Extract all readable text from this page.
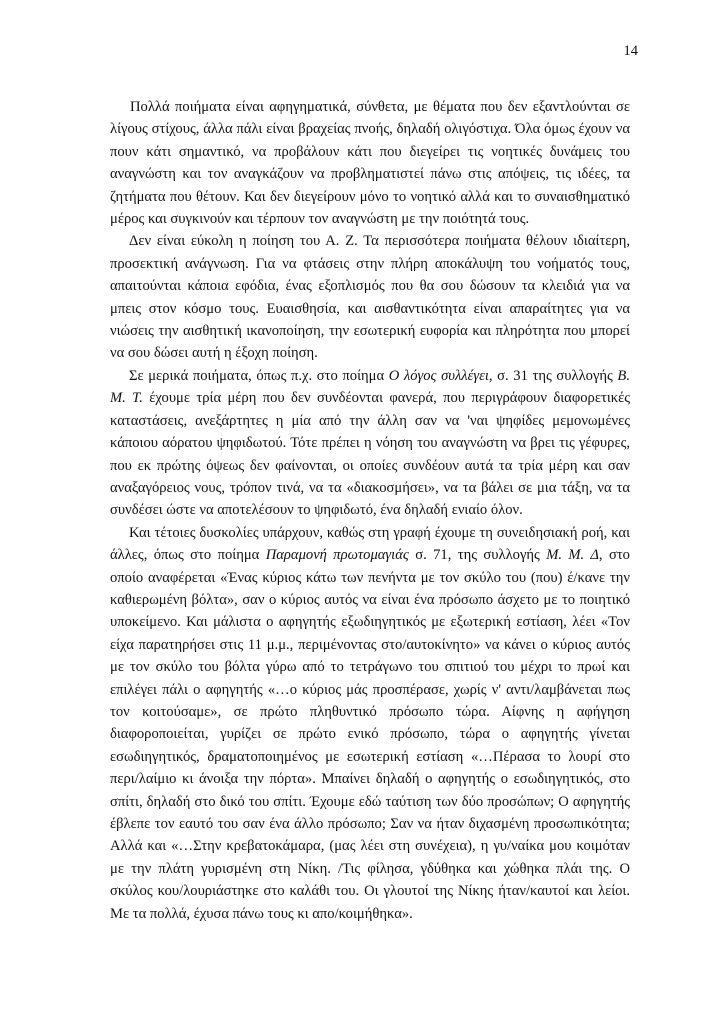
14

Πολλά ποιήματα είναι αφηγηματικά, σύνθετα, με θέματα που δεν εξαντλούνται σε λίγους στίχους, άλλα πάλι είναι βραχείας πνοής, δηλαδή ολιγόστιχα. Όλα όμως έχουν να πουν κάτι σημαντικό, να προβάλουν κάτι που διεγείρει τις νοητικές δυνάμεις του αναγνώστη και τον αναγκάζουν να προβληματιστεί πάνω στις απόψεις, τις ιδέες, τα ζητήματα που θέτουν. Και δεν διεγείρουν μόνο το νοητικό αλλά και το συναισθηματικό μέρος και συγκινούν και τέρπουν τον αναγνώστη με την ποιότητά τους.

Δεν είναι εύκολη η ποίηση του Α. Ζ. Τα περισσότερα ποιήματα θέλουν ιδιαίτερη, προσεκτική ανάγνωση. Για να φτάσεις στην πλήρη αποκάλυψη του νοήματός τους, απαιτούνται κάποια εφόδια, ένας εξοπλισμός που θα σου δώσουν τα κλειδιά για να μπεις στον κόσμο τους. Ευαισθησία, και αισθαντικότητα είναι απαραίτητες για να νιώσεις την αισθητική ικανοποίηση, την εσωτερική ευφορία και πληρότητα που μπορεί να σου δώσει αυτή η έξοχη ποίηση.

Σε μερικά ποιήματα, όπως π.χ. στο ποίημα Ο λόγος συλλέγει, σ. 31 της συλλογής Β. Μ. Τ. έχουμε τρία μέρη που δεν συνδέονται φανερά, που περιγράφουν διαφορετικές καταστάσεις, ανεξάρτητες η μία από την άλλη σαν να 'ναι ψηφίδες μεμονωμένες κάποιου αόρατου ψηφιδωτού. Τότε πρέπει η νόηση του αναγνώστη να βρει τις γέφυρες, που εκ πρώτης όψεως δεν φαίνονται, οι οποίες συνδέουν αυτά τα τρία μέρη και σαν αναξαγόρειος νους, τρόπον τινά, να τα «διακοσμήσει», να τα βάλει σε μια τάξη, να τα συνδέσει ώστε να αποτελέσουν το ψηφιδωτό, ένα δηλαδή ενιαίο όλον.

Και τέτοιες δυσκολίες υπάρχουν, καθώς στη γραφή έχουμε τη συνειδησιακή ροή, και άλλες, όπως στο ποίημα Παραμονή πρωτομαγιάς σ. 71, της συλλογής Μ. Μ. Δ, στο οποίο αναφέρεται «Ένας κύριος κάτω των πενήντα με τον σκύλο του (που) έ/κανε την καθιερωμένη βόλτα», σαν ο κύριος αυτός να είναι ένα πρόσωπο άσχετο με το ποιητικό υποκείμενο. Και μάλιστα ο αφηγητής εξωδιηγητικός με εξωτερική εστίαση, λέει «Τον είχα παρατηρήσει στις 11 μ.μ., περιμένοντας στο/αυτοκίνητο» να κάνει ο κύριος αυτός με τον σκύλο του βόλτα γύρω από το τετράγωνο του σπιτιού του μέχρι το πρωί και επιλέγει πάλι ο αφηγητής «…ο κύριος μάς προσπέρασε, χωρίς ν' αντι/λαμβάνεται πως τον κοιτούσαμε», σε πρώτο πληθυντικό πρόσωπο τώρα. Αίφνης η αφήγηση διαφοροποιείται, γυρίζει σε πρώτο ενικό πρόσωπο, τώρα ο αφηγητής γίνεται εσωδιηγητικός, δραματοποιημένος με εσωτερική εστίαση «…Πέρασα το λουρί στο περι/λαίμιο κι άνοιξα την πόρτα». Μπαίνει δηλαδή ο αφηγητής ο εσωδιηγητικός, στο σπίτι, δηλαδή στο δικό του σπίτι. Έχουμε εδώ ταύτιση των δύο προσώπων; Ο αφηγητής έβλεπε τον εαυτό του σαν ένα άλλο πρόσωπο; Σαν να ήταν διχασμένη προσωπικότητα; Αλλά και «…Στην κρεβατοκάμαρα, (μας λέει στη συνέχεια), η γυ/ναίκα μου κοιμόταν με την πλάτη γυρισμένη στη Νίκη. /Τις φίλησα, γδύθηκα και χώθηκα πλάι της. Ο σκύλος κου/λουριάστηκε στο καλάθι του. Οι γλουτοί της Νίκης ήταν/καυτοί και λείοι. Με τα πολλά, έχυσα πάνω τους κι απο/κοιμήθηκα».
